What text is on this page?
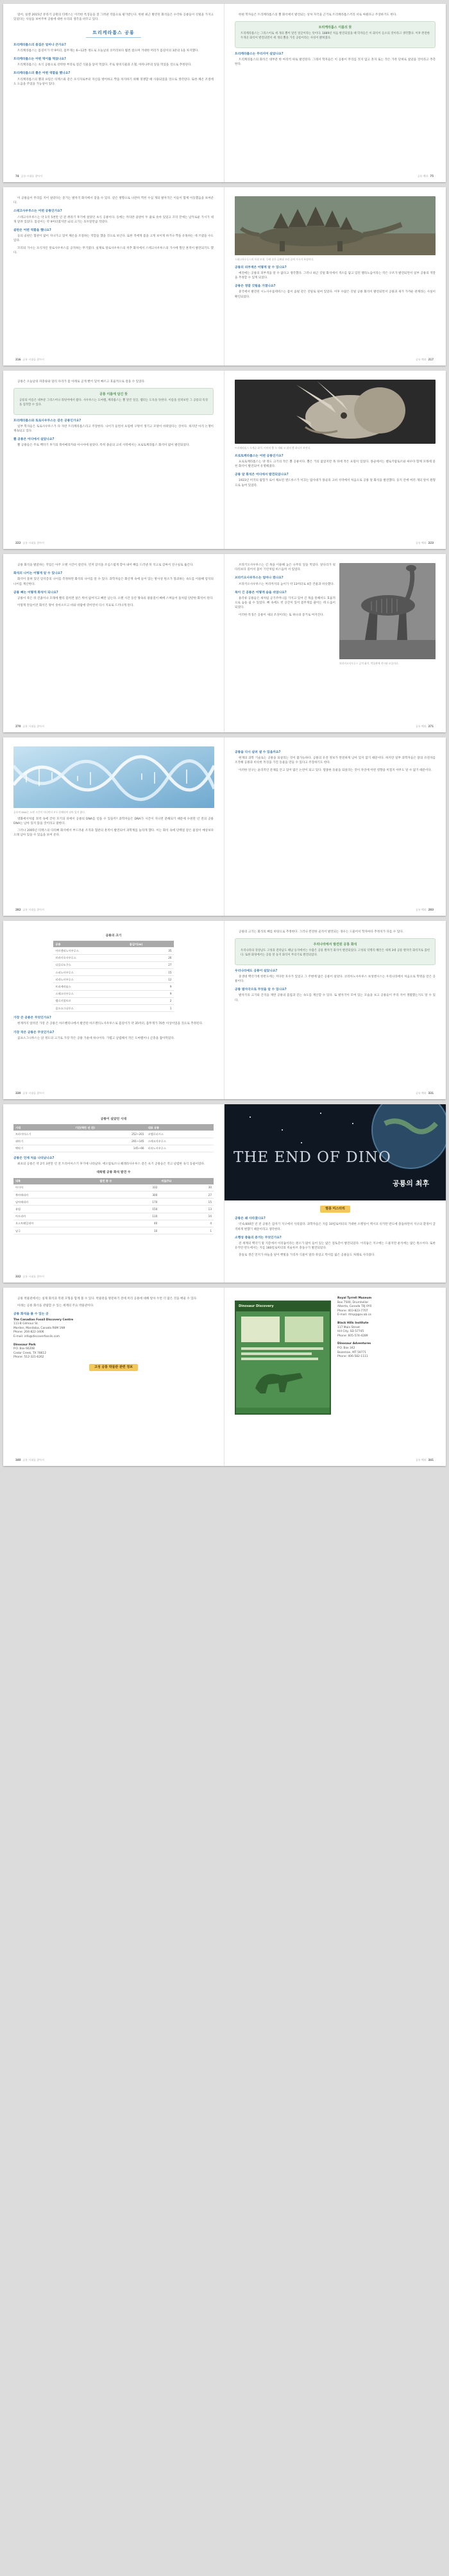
얼어, 실젠 2015년 쥬라기 공원의 티렉스는 이러한 특징들을 잘 그려낸 작품으로 평가받는다. 한편 최근 발견된 화석들은 수각류 공룡들이 깃털을 가지고 있었다는 사실을 보여주며 공룡에 대한 우리의 생각을 바꾸고 있다.

트리케라톱스 공룡
트리케라톱스의 몸집은 얼마나 큰가요?

트리케라톱스는 몸길이가 약 9미터, 몸무게는 6~12톤 정도로 오늘날의 코끼리보다 훨씬 컸으며 거대한 머리가 몸길이의 3분의 1을 차지했다.

트리케라톱스는 어떤 먹이를 먹었나요?

트리케라톱스는 초식 공룡으로 강력한 부리로 질긴 식물을 뜯어 먹었다. 주로 양치식물과 소철, 야자나무의 잎을 먹었을 것으로 추정된다.

트리케라톱스의 뿔은 어떤 역할을 했나요?

트리케라톱스의 뿔과 프릴은 티렉스와 같은 포식자로부터 자신을 방어하고 짝을 차지하기 위해 경쟁할 때 사용되었을 것으로 생각된다. 또한 체온 조절에도 도움을 주었을 가능성이 있다.

74 공룡 시대를 찾아서

한편 학자들은 트리케라톱스의 뿔 화석에서 발견되는 상처 자국을 근거로 트리케라톱스끼리 서로 싸웠다고 주장하기도 한다.

트리케라톱스 이름의 뜻

트리케라톱스는 그리스어로 세 개의 뿔이 달린 얼굴이라는 뜻이다. 1889년 처음 발견되었을 때 학자들은 이 화석이 들소의 것이라고 생각했다. 이후 완전한 두개골 화석이 발견되면서 세 개의 뿔을 가진 공룡이라는 사실이 밝혀졌다.

트리케라톱스는 무리지어 살았나요?

트리케라톱스의 화석은 대부분 한 마리씩 따로 발견된다. 그래서 학자들은 이 공룡이 무리를 짓지 않고 혼자 또는 작은 가족 단위로 살았을 것이라고 추측한다.

공룡 백과 75

이 공룡들이 무리를 지어 살았다는 증거는 발자국 화석에서 찾을 수 있다. 같은 방향으로 나란히 찍힌 수십 개의 발자국은 이들이 함께 이동했음을 보여준다.

스테고사우루스는 어떤 공룡인가요?

스테고사우루스는 약 1억 5천만 년 전 쥐라기 후기에 살았던 초식 공룡이다. 등에는 커다란 골판이 두 줄로 솟아 있었고 꼬리 끝에는 날카로운 가시가 네 개 달려 있었다. 몸길이는 약 9미터였지만 뇌의 크기는 호두알만큼 작았다.

골판은 어떤 역할을 했나요?

등의 골판은 혈관이 많이 지나가고 있어 체온을 조절하는 역할을 했을 것으로 보인다. 또한 적에게 몸을 크게 보이게 하거나 짝을 유혹하는 데 쓰였을 수도 있다.

꼬리의 가시는 포식자인 알로사우루스를 공격하는 무기였다. 실제로 알로사우루스의 척추 화석에서 스테고사우루스의 가시에 찔린 흔적이 발견되기도 했다.

216 공룡 시대를 찾아서
스테고사우루스의 복원 모형. 등에 솟은 골판과 꼬리 끝의 가시가 특징이다.
공룡의 피부색은 어떻게 알 수 있나요?

예전에는 공룡의 피부색을 알 수 없다고 생각했다. 그러나 최근 깃털 화석에서 색소를 담고 있던 멜라노솜이라는 작은 구조가 발견되면서 일부 공룡의 색깔을 추정할 수 있게 되었다.

공룡은 정말 깃털을 가졌나요?

중국에서 발견된 시노사우롭테릭스는 몸이 솜털 같은 깃털로 덮여 있었다. 이후 수많은 깃털 공룡 화석이 발견되면서 공룡과 새가 가까운 관계라는 사실이 확인되었다.

공룡 백과 217

공룡은 오늘날의 파충류와 달리 다리가 몸 아래로 곧게 뻗어 있어 빠르고 효율적으로 걸을 수 있었다.

공룡 이름에 담긴 뜻

공룡의 이름은 대부분 그리스어나 라틴어에서 왔다. 사우루스는 도마뱀, 케라톱스는 뿔 달린 얼굴, 랩터는 도둑을 뜻한다. 이름을 살펴보면 그 공룡의 특징을 짐작할 수 있다.

트리케라톱스와 토로사우루스는 같은 공룡인가요?

일부 학자들은 토로사우루스가 다 자란 트리케라톱스라고 주장한다. 나이가 들면서 프릴에 구멍이 생기고 모양이 바뀌었다는 것이다. 하지만 아직 논쟁이 계속되고 있다.

뿔 공룡은 어디에서 살았나요?

뿔 공룡들은 주로 백악기 후기의 북아메리카와 아시아에 살았다. 특히 몽골의 고비 사막에서는 프로토케라톱스 화석이 많이 발견되었다.

222 공룡 시대를 찾아서
트리케라톱스 두개골 화석. 이마의 뿔 두 개와 코 위의 뿔 하나가 보인다.
프로토케라톱스는 어떤 공룡인가요?

프로토케라톱스는 양 정도 크기의 작은 뿔 공룡이다. 뿔은 거의 없었지만 목 뒤에 작은 프릴이 있었다. 몽골에서는 벨로키랍토르와 싸우다 함께 모래에 묻힌 화석이 발견되어 유명해졌다.

공룡 알 화석은 어디에서 발견되었나요?

1923년 미국의 탐험가 로이 채프먼 앤드루스가 이끄는 탐사대가 몽골의 고비 사막에서 처음으로 공룡 알 화석을 발견했다. 둥지 안에 여러 개의 알이 원형으로 놓여 있었다.

공룡 백과 223

공룡 화석을 발굴하는 작업은 아주 오랜 시간이 걸린다. 먼저 암석을 조심스럽게 깎아 내어 뼈를 드러낸 뒤 석고로 감싸서 연구실로 옮긴다.

화석의 나이는 어떻게 알 수 있나요?

화석이 묻혀 있던 암석층의 나이를 측정하면 화석의 나이를 알 수 있다. 과학자들은 화산재 속에 들어 있는 방사성 원소가 붕괴하는 속도를 이용해 암석의 나이를 계산한다.

공룡 뼈는 어떻게 화석이 되나요?

공룡이 죽은 뒤 진흙이나 모래에 빨리 묻히면 살은 썩어 없어지고 뼈만 남는다. 오랜 시간 동안 땅속의 광물질이 뼈에 스며들어 돌처럼 단단한 화석이 된다.

이렇게 만들어진 화석은 땅이 솟아오르고 비와 바람에 깎이면서 다시 지표로 드러나게 된다.

270 공룡 시대를 찾아서
브라키오사우루스 골격 화석. 박물관에 전시된 모습이다.

브라키오사우루스는 긴 목을 이용해 높은 나무의 잎을 먹었다. 앞다리가 뒷다리보다 길어서 몸이 기린처럼 비스듬히 서 있었다.

브라키오사우루스는 얼마나 컸나요?

브라키오사우루스는 머리까지의 높이가 약 13미터로 4층 건물과 비슷했다.

목이 긴 공룡은 어떻게 숨을 쉬었나요?

용각류 공룡들은 새처럼 공기주머니를 가지고 있어 긴 목을 통해서도 효율적으로 숨을 쉴 수 있었다. 뼈 속에도 빈 공간이 있어 몸무게를 줄이는 데 도움이 되었다.

이러한 특징은 공룡이 새의 조상이라는 또 하나의 증거로 여겨진다.

공룡 백과 271
공룡의 DNA는 오랜 시간이 지나면서 모두 분해되어 남아 있지 않다.

영화에서처럼 호박 속에 갇힌 모기의 피에서 공룡의 DNA를 얻을 수 있을까? 과학자들은 DNA가 시간이 지나면 분해되기 때문에 수천만 년 전의 공룡 DNA는 남아 있지 않을 것이라고 말한다.

그러나 2005년 티렉스의 다리뼈 화석에서 부드러운 조직과 혈관의 흔적이 발견되어 과학계를 놀라게 했다. 이는 화석 속에 단백질 같은 물질이 예상보다 오래 남아 있을 수 있음을 보여 준다.

282 공룡 시대를 찾아서
공룡을 다시 살려 낼 수 있을까요?

현재의 과학 기술로는 공룡을 되살리는 것이 불가능하다. 공룡의 유전 정보가 완전하게 남아 있지 않기 때문이다. 하지만 일부 과학자들은 닭의 유전자를 조작해 공룡과 비슷한 특징을 가진 동물을 만들 수 있다고 주장하기도 한다.

이러한 연구는 윤리적인 문제를 안고 있어 많은 논란이 되고 있다. 멸종한 동물을 되살리는 것이 자연에 어떤 영향을 미칠지 아무도 알 수 없기 때문이다.

공룡 백과 283
공룡의 크기
공룡	몸길이(m)
아르젠티노사우루스	35
브라키오사우루스	26
디플로도쿠스	27
스피노사우루스	15
티라노사우루스	12
트리케라톱스	9
스테고사우루스	9
벨로키랍토르	2
콤프소그나투스	1
가장 큰 공룡은 무엇인가요?

현재까지 알려진 가장 큰 공룡은 아르헨티나에서 발견된 아르젠티노사우루스로 몸길이가 약 35미터, 몸무게가 70톤 이상이었을 것으로 추정된다.

가장 작은 공룡은 무엇인가요?

콤프소그나투스는 닭 정도의 크기로 가장 작은 공룡 가운데 하나이다. 가볍고 날렵해서 작은 도마뱀이나 곤충을 잡아먹었다.

330 공룡 시대를 찾아서

공룡의 크기는 화석의 뼈를 바탕으로 추정한다. 그러나 완전한 골격이 발견되는 경우는 드물어서 학자마다 추정치가 다를 수 있다.

우리나라에서 발견된 공룡 화석

우리나라의 경상남도 고성과 전라남도 해남 등지에서는 수많은 공룡 발자국 화석이 발견되었다. 고성의 덕명리 해안은 세계 3대 공룡 발자국 화석지로 꼽힌다. 또한 화성에서는 공룡 알 둥지 화석이 무더기로 발견되었다.

우리나라에도 공룡이 살았나요?

중생대 백악기에 한반도에는 커다란 호수가 있었고 그 주변에 많은 공룡이 살았다. 코리아노사우루스 보성엔시스는 우리나라에서 처음으로 학명을 얻은 공룡이다.

공룡 발자국으로 무엇을 알 수 있나요?

발자국의 크기와 간격을 재면 공룡의 몸집과 걷는 속도를 계산할 수 있다. 또 발자국이 모여 있는 모습을 보고 공룡들이 무리 지어 생활했는지도 알 수 있다.

공룡 백과 331
공룡이 살았던 시대
시대	기간(백만 년 전)	대표 공룡
트라이아스기	252~201	코엘로피시스
쥐라기	201~145	스테고사우루스
백악기	145~66	티라노사우루스
공룡은 언제 처음 나타났나요?

최초의 공룡은 약 2억 3천만 년 전 트라이아스기 후기에 나타났다. 에오랍토르나 헤레라사우루스 같은 초기 공룡들은 작고 날렵한 육식 동물이었다.

대륙별 공룡 화석 발견 수
대륙	발견 종 수	비율(%)
아시아	332	30
북아메리카	300	27
남아메리카	170	15
유럽	150	13
아프리카	110	10
오스트레일리아	40	4
남극	10	1
332 공룡 시대를 찾아서
THE END OF DINO
공룡의 최후
멸종 미스터리
공룡은 왜 사라졌나요?

약 6,600만 년 전 공룡은 갑자기 지구에서 사라졌다. 과학자들은 지름 10킬로미터의 거대한 소행성이 멕시코 유카탄 반도에 충돌하면서 지구의 환경이 급격하게 변했기 때문이라고 생각한다.

소행성 충돌의 증거는 무엇인가요?

전 세계의 백악기 말 지층에서 이리듐이라는 원소가 많이 들어 있는 얇은 점토층이 발견되었다. 이리듐은 지구에는 드물지만 운석에는 많은 원소이다. 또한 유카탄 반도에서는 지름 180킬로미터의 칙술루브 충돌구가 발견되었다.

충돌로 생긴 먼지가 하늘을 덮어 햇빛을 가리자 식물이 말라 죽었고 먹이를 잃은 공룡들도 차례로 사라졌다.

공룡 박물관에서는 실제 화석과 복원 모형을 함께 볼 수 있다. 박물관을 방문하기 전에 미리 공룡에 대해 알아 두면 더 많은 것을 배울 수 있다.

아래는 공룡 화석을 관람할 수 있는 세계의 주요 박물관이다.

공룡 화석을 볼 수 있는 곳
The Canadian Fossil Discovery Centre
111-B Gilmour St.
Morden, Manitoba, Canada R6M 1N9
Phone: 204-822-3406
E-mail: info@discoverfossils.com
Dinosaur Park
P.O. Box 66208
Cedar Creek, TX 78612
Phone: 512-321-6262
고성 공룡 박물관 관련 정보
340 공룡 시대를 찾아서
Dinosaur Discovery
Royal Tyrrell Museum
Box 7500, Drumheller
Alberta, Canada T0J 0Y0
Phone: 403-823-7707
E-mail: rtmp@gov.ab.ca
Black Hills Institute
117 Main Street
Hill City, SD 57745
Phone: 605-574-4289
Dinosaur Adventures
P.O. Box 342
Bozeman, MT 59771
Phone: 406-582-1111
공룡 백과 341
